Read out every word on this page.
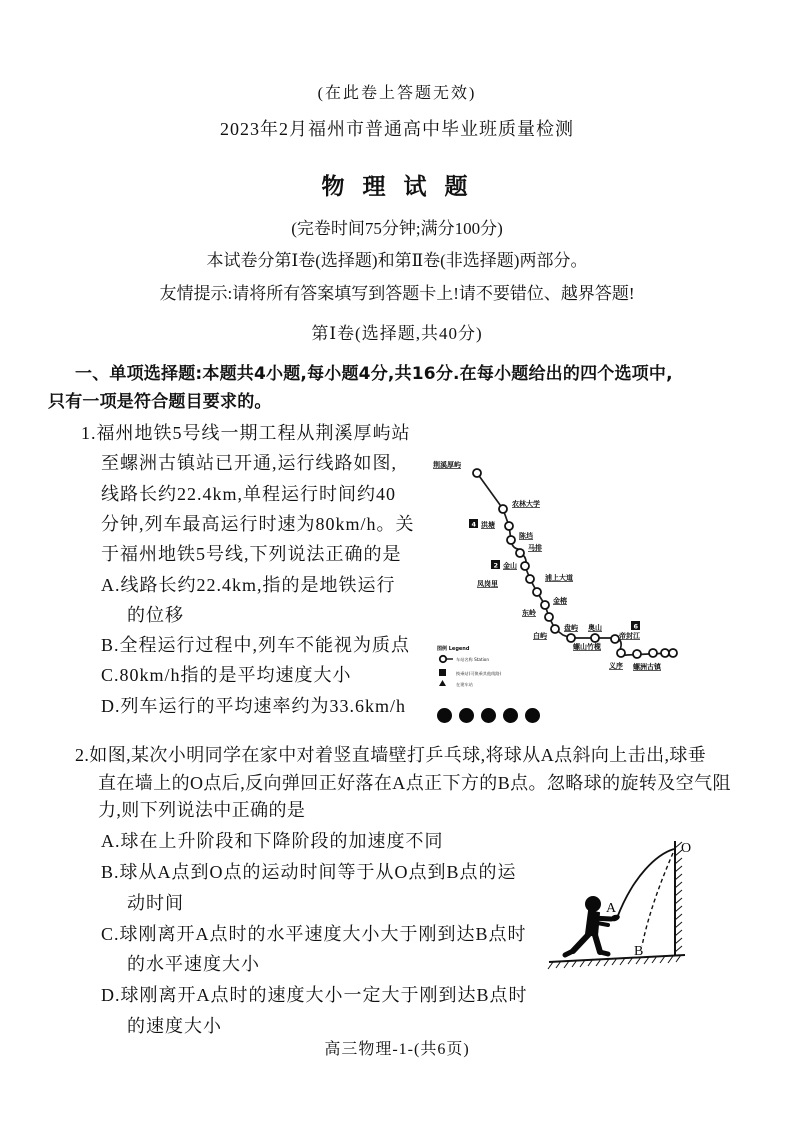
(在此卷上答题无效)
2023年2月福州市普通高中毕业班质量检测
物 理 试 题
(完卷时间75分钟;满分100分)
本试卷分第Ⅰ卷(选择题)和第Ⅱ卷(非选择题)两部分。
友情提示:请将所有答案填写到答题卡上!请不要错位、越界答题!
第Ⅰ卷(选择题,共40分)
一、单项选择题:本题共4小题,每小题4分,共16分.在每小题给出的四个选项中,
只有一项是符合题目要求的。
1.福州地铁5号线一期工程从荆溪厚屿站
至螺洲古镇站已开通,运行线路如图,
线路长约22.4km,单程运行时间约40
分钟,列车最高运行时速为80km/h。关
于福州地铁5号线,下列说法正确的是
A.线路长约22.4km,指的是地铁运行
的位移
B.全程运行过程中,列车不能视为质点
C.80km/h指的是平均速度大小
D.列车运行的平均速率约为33.6km/h
4
2
6
荆溪厚屿
农林大学
洪塘
陈垱
马排
金山
凤岗里
浦上大道
金榕
东岭
白屿
盘屿 奥山
帝封江
螺山竹榄
义序 螺洲古镇
图例 Legend
车站名称 Station
换乘站(可换乘其他线路)
在建车站
2.如图,某次小明同学在家中对着竖直墙壁打乒乓球,将球从A点斜向上击出,球垂
直在墙上的O点后,反向弹回正好落在A点正下方的B点。忽略球的旋转及空气阻
力,则下列说法中正确的是
A.球在上升阶段和下降阶段的加速度不同
B.球从A点到O点的运动时间等于从O点到B点的运
动时间
C.球刚离开A点时的水平速度大小大于刚到达B点时
的水平速度大小
D.球刚离开A点时的速度大小一定大于刚到达B点时
的速度大小
A
O
B
高三物理-1-(共6页)
